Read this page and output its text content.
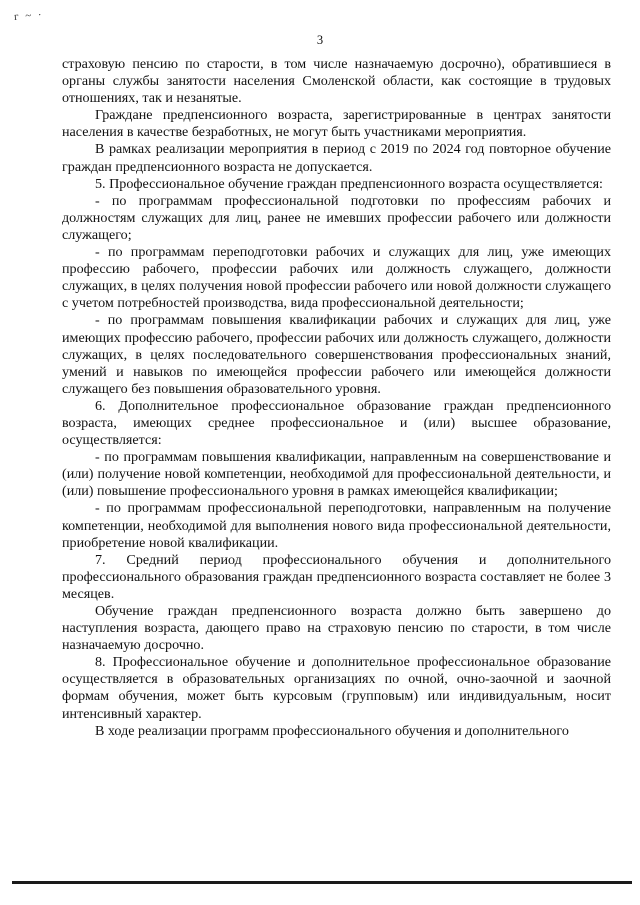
г ~ ·
3

страховую пенсию по старости, в том числе назначаемую досрочно), обратившиеся в органы службы занятости населения Смоленской области, как состоящие в трудовых отношениях, так и незанятые.

Граждане предпенсионного возраста, зарегистрированные в центрах занятости населения в качестве безработных, не могут быть участниками мероприятия.

В рамках реализации мероприятия в период с 2019 по 2024 год повторное обучение граждан предпенсионного возраста не допускается.

5. Профессиональное обучение граждан предпенсионного возраста осуществляется:

- по программам профессиональной подготовки по профессиям рабочих и должностям служащих для лиц, ранее не имевших профессии рабочего или должности служащего;

- по программам переподготовки рабочих и служащих для лиц, уже имеющих профессию рабочего, профессии рабочих или должность служащего, должности служащих, в целях получения новой профессии рабочего или новой должности служащего с учетом потребностей производства, вида профессиональной деятельности;

- по программам повышения квалификации рабочих и служащих для лиц, уже имеющих профессию рабочего, профессии рабочих или должность служащего, должности служащих, в целях последовательного совершенствования профессиональных знаний, умений и навыков по имеющейся профессии рабочего или имеющейся должности служащего без повышения образовательного уровня.

6. Дополнительное профессиональное образование граждан предпенсионного возраста, имеющих среднее профессиональное и (или) высшее образование, осуществляется:

- по программам повышения квалификации, направленным на совершенствование и (или) получение новой компетенции, необходимой для профессиональной деятельности, и (или) повышение профессионального уровня в рамках имеющейся квалификации;

- по программам профессиональной переподготовки, направленным на получение компетенции, необходимой для выполнения нового вида профессиональной деятельности, приобретение новой квалификации.

7. Средний период профессионального обучения и дополнительного профессионального образования граждан предпенсионного возраста составляет не более 3 месяцев.

Обучение граждан предпенсионного возраста должно быть завершено до наступления возраста, дающего право на страховую пенсию по старости, в том числе назначаемую досрочно.

8. Профессиональное обучение и дополнительное профессиональное образование осуществляется в образовательных организациях по очной, очно-заочной и заочной формам обучения, может быть курсовым (групповым) или индивидуальным, носит интенсивный характер.

В ходе реализации программ профессионального обучения и дополнительного
